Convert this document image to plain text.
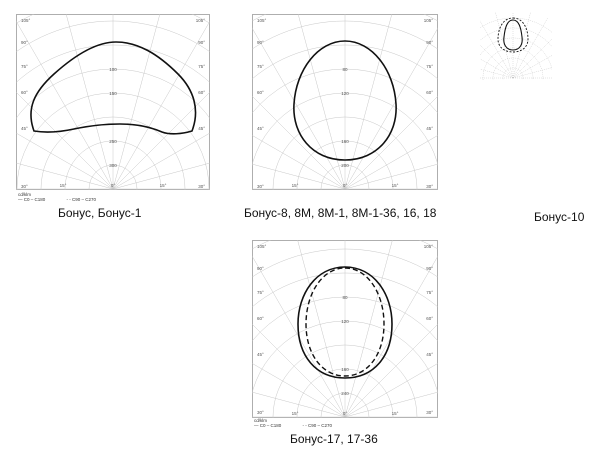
105°	105°
90°	90°
75°	75°
60°	60°
45°	45°
30°	30°
15°	0°	15°
100
150
250
300
cd/klm
― C0 – C180	- - C90 – C270
Бонус, Бонус-1
105°	105°
90°	90°
75°	75°
60°	60°
45°	45°
30°	30°
15°	0°	15°
80
120
160
200
Бонус-8, 8М, 8М-1, 8М-1-36, 16, 18	Бонус-10
105°	105°
90°	90°
75°	75°
60°	60°
45°	45°
30°	30°
15°	0°	15°
80
120
160
240
cd/klm
― C0 – C180	- - C90 – C270
Бонус-17, 17-36
